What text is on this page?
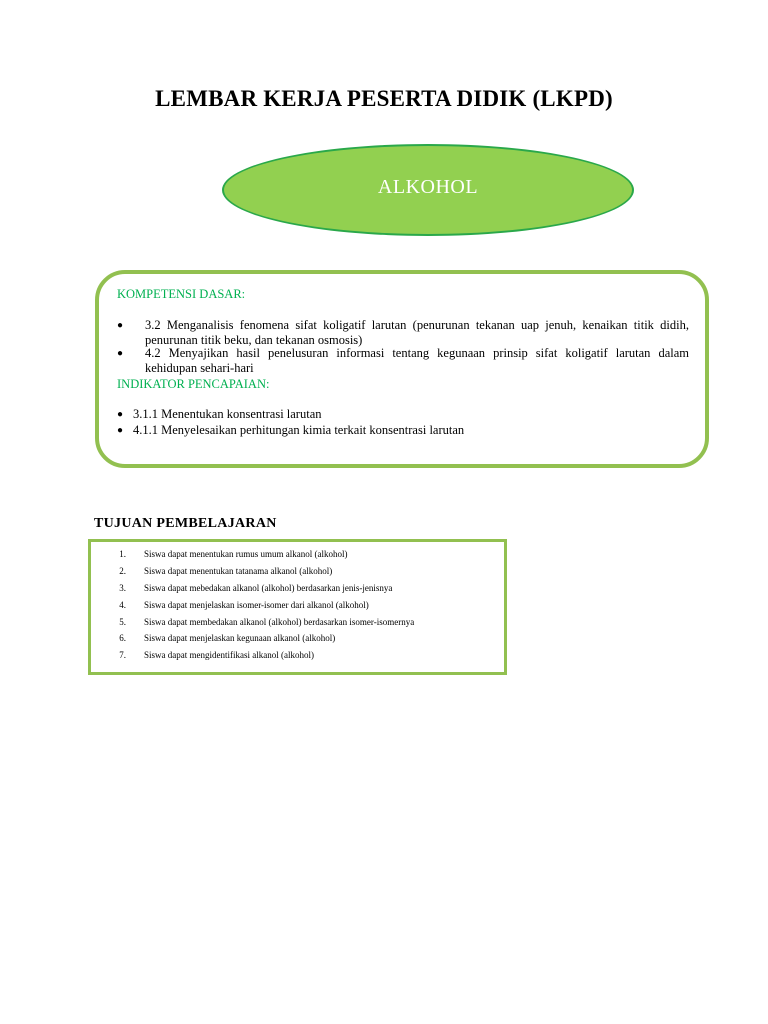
LEMBAR KERJA PESERTA DIDIK (LKPD)
ALKOHOL

KOMPETENSI DASAR:

●	3.2 Menganalisis fenomena sifat koligatif larutan (penurunan tekanan uap jenuh, kenaikan titik didih, penurunan titik beku, dan tekanan osmosis)
●	4.2 Menyajikan hasil penelusuran informasi tentang kegunaan prinsip sifat koligatif larutan dalam kehidupan sehari-hari

INDIKATOR PENCAPAIAN:

● 3.1.1 Menentukan konsentrasi larutan
● 4.1.1 Menyelesaikan perhitungan kimia terkait konsentrasi larutan
TUJUAN PEMBELAJARAN
1.	Siswa dapat menentukan rumus umum alkanol (alkohol)
2.	Siswa dapat menentukan tatanama alkanol (alkohol)
3.	Siswa dapat mebedakan alkanol (alkohol) berdasarkan jenis-jenisnya
4.	Siswa dapat menjelaskan isomer-isomer dari alkanol (alkohol)
5.	Siswa dapat membedakan alkanol (alkohol) berdasarkan isomer-isomernya
6.	Siswa dapat menjelaskan kegunaan alkanol (alkohol)
7.	Siswa dapat mengidentifikasi alkanol (alkohol)
